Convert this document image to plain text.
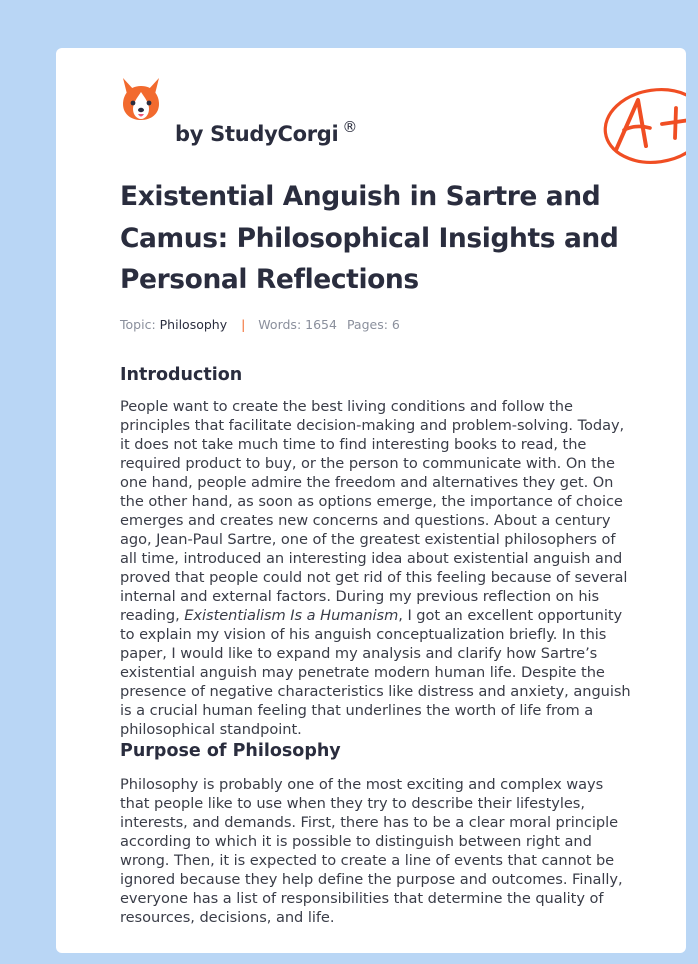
by StudyCorgi ®
Existential Anguish in Sartre and Camus: Philosophical Insights and Personal Reflections
Topic: Philosophy | Words: 1654 Pages: 6
Introduction

People want to create the best living conditions and follow the principles that facilitate decision-making and problem-solving. Today, it does not take much time to find interesting books to read, the required product to buy, or the person to communicate with. On the one hand, people admire the freedom and alternatives they get. On the other hand, as soon as options emerge, the importance of choice emerges and creates new concerns and questions. About a century ago, Jean-Paul Sartre, one of the greatest existential philosophers of all time, introduced an interesting idea about existential anguish and proved that people could not get rid of this feeling because of several internal and external factors. During my previous reflection on his reading, Existentialism Is a Humanism, I got an excellent opportunity to explain my vision of his anguish conceptualization briefly. In this paper, I would like to expand my analysis and clarify how Sartre’s existential anguish may penetrate modern human life. Despite the presence of negative characteristics like distress and anxiety, anguish is a crucial human feeling that underlines the worth of life from a philosophical standpoint.

Purpose of Philosophy

Philosophy is probably one of the most exciting and complex ways that people like to use when they try to describe their lifestyles, interests, and demands. First, there has to be a clear moral principle according to which it is possible to distinguish between right and wrong. Then, it is expected to create a line of events that cannot be ignored because they help define the purpose and outcomes. Finally, everyone has a list of responsibilities that determine the quality of resources, decisions, and life.
